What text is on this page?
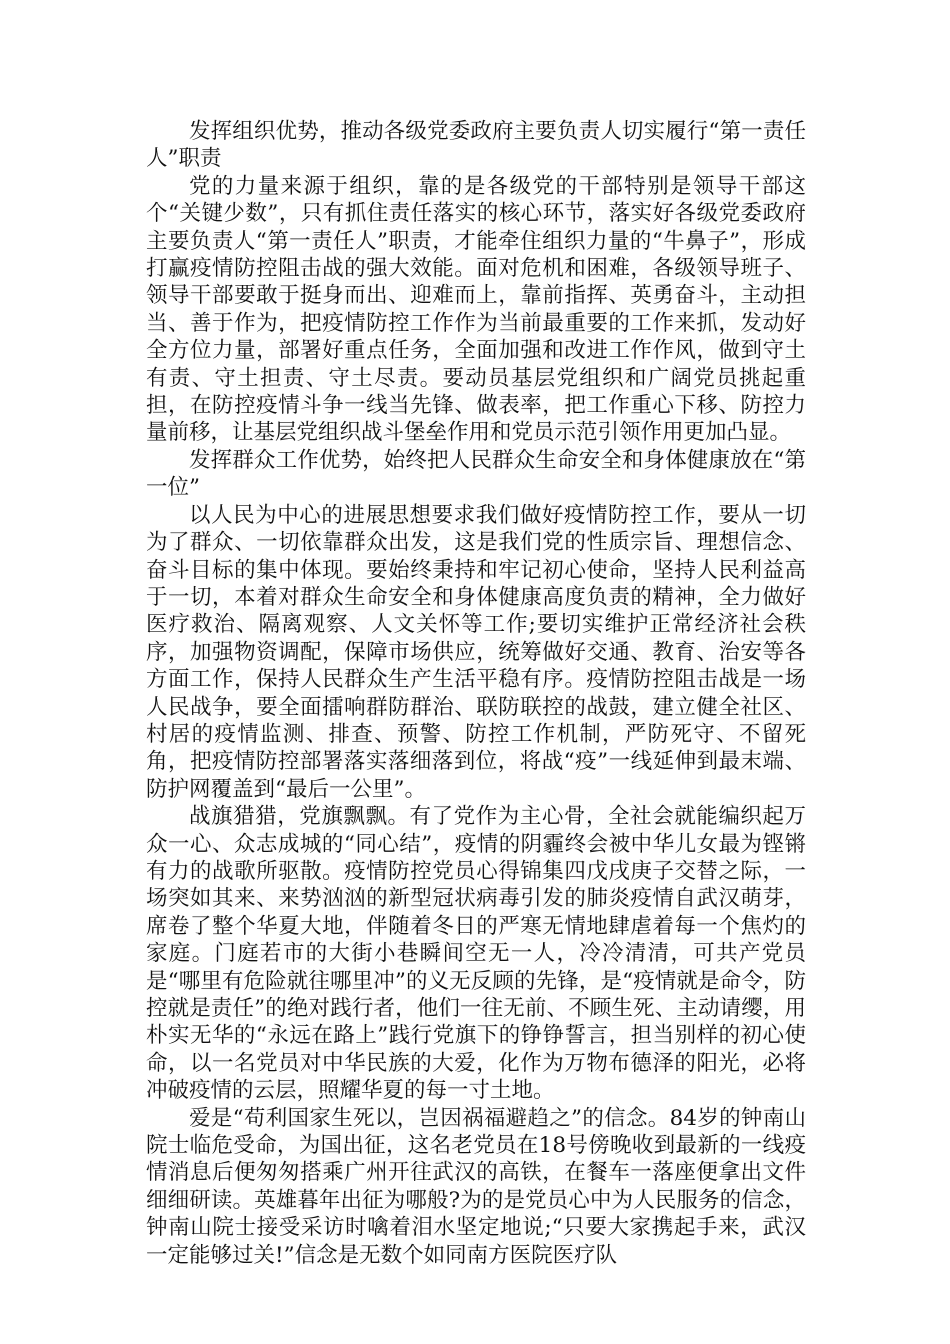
发挥组织优势，推动各级党委政府主要负责人切实履行“第一责任人”职责

党的力量来源于组织，靠的是各级党的干部特别是领导干部这个“关键少数”，只有抓住责任落实的核心环节，落实好各级党委政府主要负责人“第一责任人”职责，才能牵住组织力量的“牛鼻子”，形成打赢疫情防控阻击战的强大效能。面对危机和困难，各级领导班子、领导干部要敢于挺身而出、迎难而上，靠前指挥、英勇奋斗，主动担当、善于作为，把疫情防控工作作为当前最重要的工作来抓，发动好全方位力量，部署好重点任务，全面加强和改进工作作风，做到守土有责、守土担责、守土尽责。要动员基层党组织和广阔党员挑起重担，在防控疫情斗争一线当先锋、做表率，把工作重心下移、防控力量前移，让基层党组织战斗堡垒作用和党员示范引领作用更加凸显。

发挥群众工作优势，始终把人民群众生命安全和身体健康放在“第一位”

以人民为中心的进展思想要求我们做好疫情防控工作，要从一切为了群众、一切依靠群众出发，这是我们党的性质宗旨、理想信念、奋斗目标的集中体现。要始终秉持和牢记初心使命，坚持人民利益高于一切，本着对群众生命安全和身体健康高度负责的精神，全力做好医疗救治、隔离观察、人文关怀等工作;要切实维护正常经济社会秩序，加强物资调配，保障市场供应，统筹做好交通、教育、治安等各方面工作，保持人民群众生产生活平稳有序。疫情防控阻击战是一场人民战争，要全面擂响群防群治、联防联控的战鼓，建立健全社区、村居的疫情监测、排查、预警、防控工作机制，严防死守、不留死角，把疫情防控部署落实落细落到位，将战“疫”一线延伸到最末端、防护网覆盖到“最后一公里”。

战旗猎猎，党旗飘飘。有了党作为主心骨，全社会就能编织起万众一心、众志成城的“同心结”，疫情的阴霾终会被中华儿女最为铿锵有力的战歌所驱散。疫情防控党员心得锦集四戊戌庚子交替之际，一场突如其来、来势汹汹的新型冠状病毒引发的肺炎疫情自武汉萌芽，席卷了整个华夏大地，伴随着冬日的严寒无情地肆虐着每一个焦灼的家庭。门庭若市的大街小巷瞬间空无一人，冷冷清清，可共产党员是“哪里有危险就往哪里冲”的义无反顾的先锋，是“疫情就是命令，防控就是责任”的绝对践行者，他们一往无前、不顾生死、主动请缨，用朴实无华的“永远在路上”践行党旗下的铮铮誓言，担当别样的初心使命，以一名党员对中华民族的大爱，化作为万物布德泽的阳光，必将冲破疫情的云层，照耀华夏的每一寸土地。

爱是“苟利国家生死以，岂因祸福避趋之”的信念。84岁的钟南山院士临危受命，为国出征，这名老党员在18号傍晚收到最新的一线疫情消息后便匆匆搭乘广州开往武汉的高铁，在餐车一落座便拿出文件细细研读。英雄暮年出征为哪般?为的是党员心中为人民服务的信念，钟南山院士接受采访时噙着泪水坚定地说;“只要大家携起手来，武汉一定能够过关!”信念是无数个如同南方医院医疗队
